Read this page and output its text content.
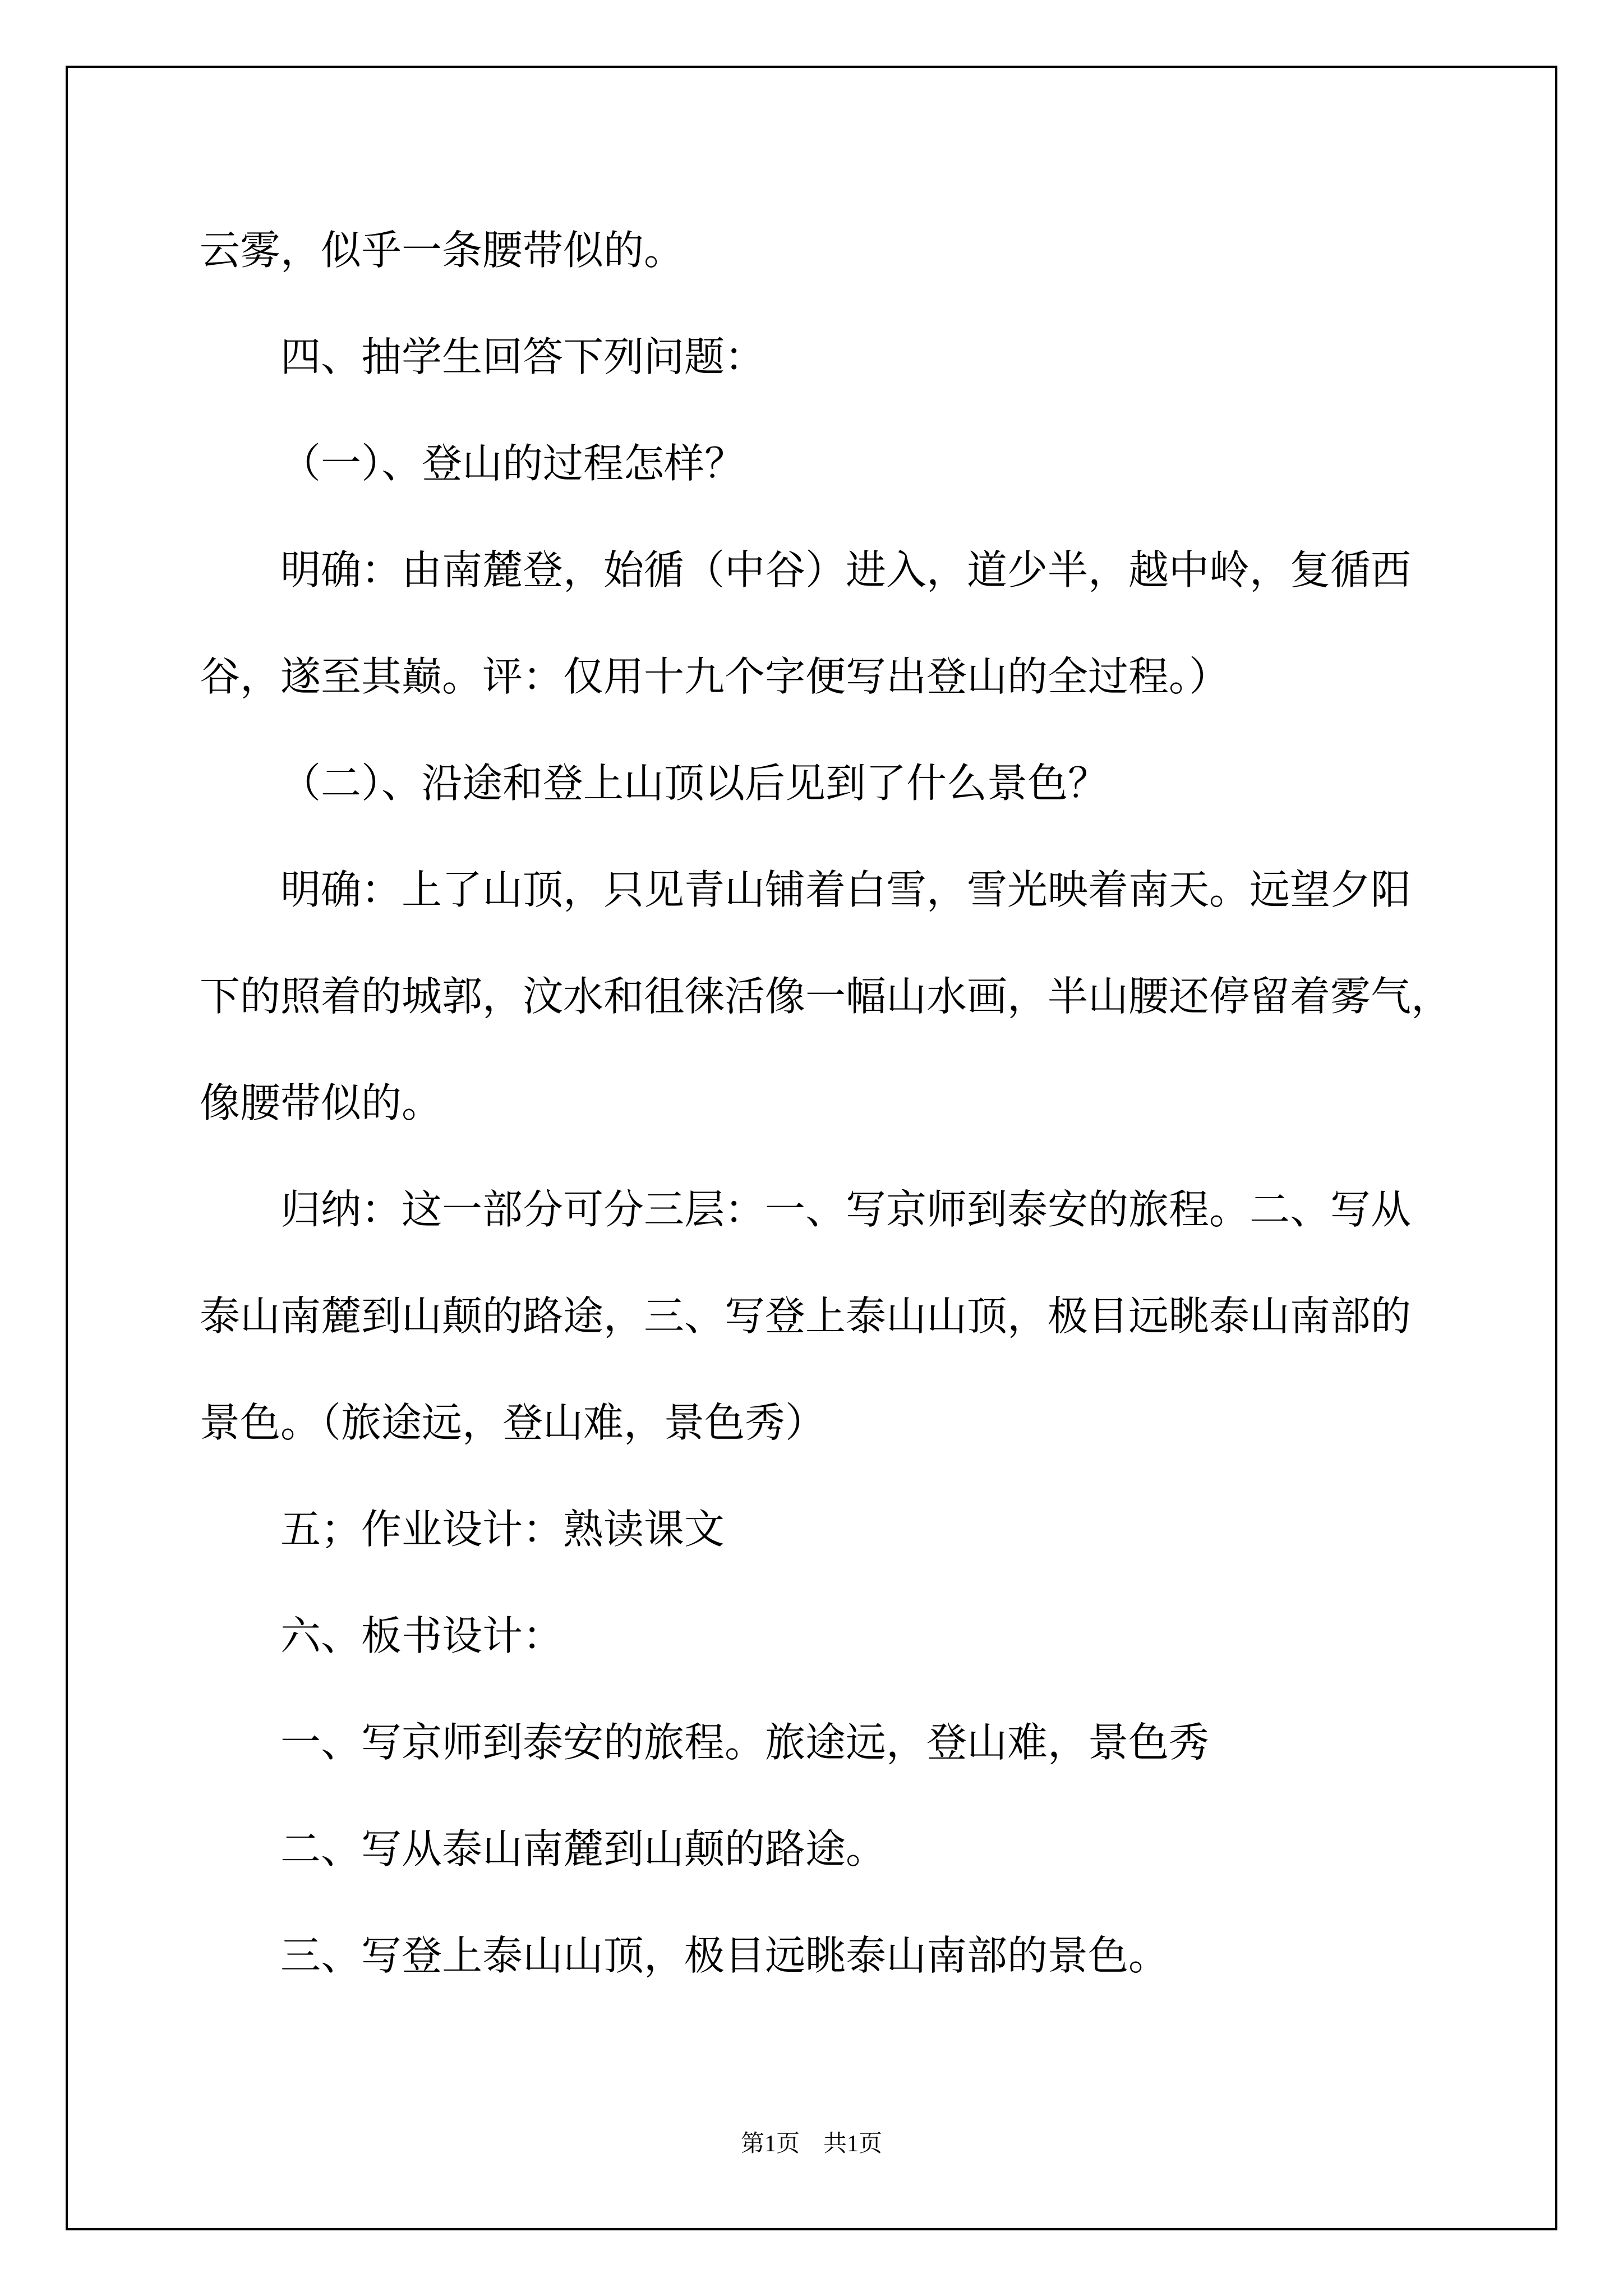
云雾，似乎一条腰带似的。
四、抽学生回答下列问题：
（一）、登山的过程怎样？
明确：由南麓登，始循（中谷）进入，道少半，越中岭，复循西
谷，遂至其巅。评：仅用十九个字便写出登山的全过程。）
（二）、沿途和登上山顶以后见到了什么景色？
明确：上了山顶，只见青山铺着白雪，雪光映着南天。远望夕阳
下的照着的城郭，汶水和徂徕活像一幅山水画，半山腰还停留着雾气，
像腰带似的。
归纳：这一部分可分三层：一、写京师到泰安的旅程。二、写从
泰山南麓到山颠的路途，三、写登上泰山山顶，极目远眺泰山南部的
景色。（旅途远，登山难，景色秀）
五；作业设计：熟读课文
六、板书设计：
一、写京师到泰安的旅程。旅途远，登山难，景色秀
二、写从泰山南麓到山颠的路途。
三、写登上泰山山顶，极目远眺泰山南部的景色。
第1页　共1页
